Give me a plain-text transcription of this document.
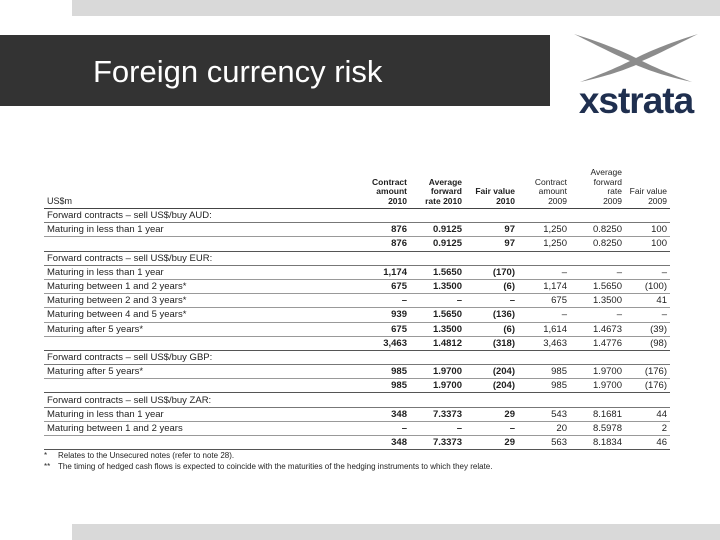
Foreign currency risk
xstrata
US$m	Contract
amount
2010	Average
forward
rate 2010	Fair value
2010	Contract
amount
2009	Average
forward
rate
2009	Fair value
2009
Forward contracts – sell US$/buy AUD:						
Maturing in less than 1 year	876	0.9125	97	1,250	0.8250	100
	876	0.9125	97	1,250	0.8250	100
Forward contracts – sell US$/buy EUR:						
Maturing in less than 1 year	1,174	1.5650	(170)	–	–	–
Maturing between 1 and 2 years*	675	1.3500	(6)	1,174	1.5650	(100)
Maturing between 2 and 3 years*	–	–	–	675	1.3500	41
Maturing between 4 and 5 years*	939	1.5650	(136)	–	–	–
Maturing after 5 years*	675	1.3500	(6)	1,614	1.4673	(39)
	3,463	1.4812	(318)	3,463	1.4776	(98)
Forward contracts – sell US$/buy GBP:						
Maturing after 5 years*	985	1.9700	(204)	985	1.9700	(176)
	985	1.9700	(204)	985	1.9700	(176)
Forward contracts – sell US$/buy ZAR:						
Maturing in less than 1 year	348	7.3373	29	543	8.1681	44
Maturing between 1 and 2 years	–	–	–	20	8.5978	2
	348	7.3373	29	563	8.1834	46
* Relates to the Unsecured notes (refer to note 28).
** The timing of hedged cash flows is expected to coincide with the maturities of the hedging instruments to which they relate.
